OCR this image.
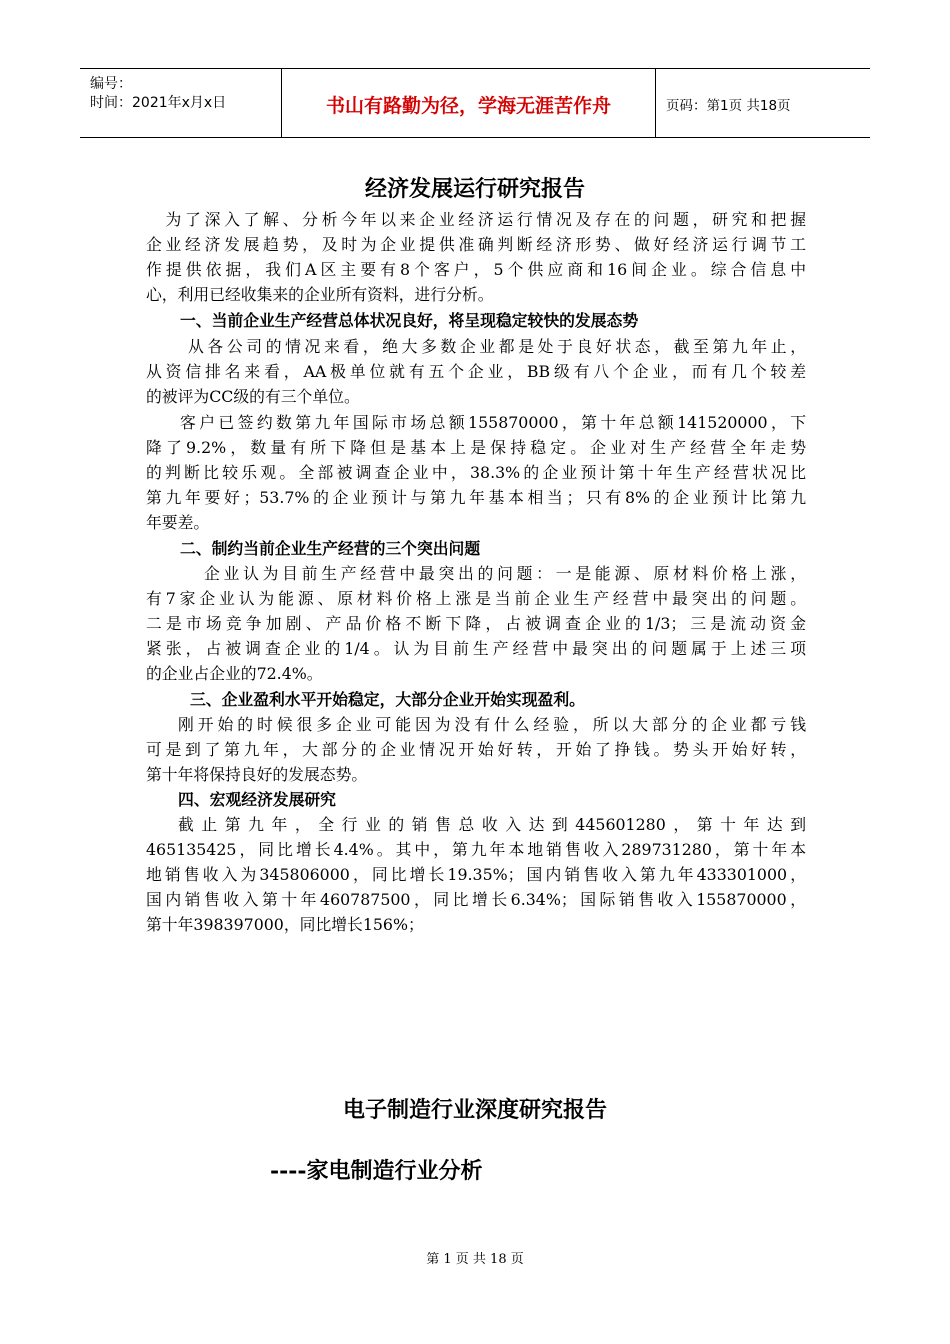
编号：
时间：2021年x月x日	书山有路勤为径，学海无涯苦作舟	页码：第1页 共18页
经济发展运行研究报告
　为了深入了解、分析今年以来企业经济运行情况及存在的问题，研究和把握
企业经济发展趋势，及时为企业提供准确判断经济形势、做好经济运行调节工
作提供依据，我们A区主要有8个客户，5个供应商和16间企业。综合信息中
心，利用已经收集来的企业所有资料，进行分析。
一、当前企业生产经营总体状况良好，将呈现稳定较快的发展态势
从各公司的情况来看，绝大多数企业都是处于良好状态，截至第九年止，
从资信排名来看，AA极单位就有五个企业，BB级有八个企业，而有几个较差
的被评为CC级的有三个单位。
客户已签约数第九年国际市场总额155870000，第十年总额141520000，下
降了9.2%，数量有所下降但是基本上是保持稳定。企业对生产经营全年走势
的判断比较乐观。全部被调查企业中，38.3%的企业预计第十年生产经营状况比
第九年要好；53.7%的企业预计与第九年基本相当；只有8%的企业预计比第九
年要差。
二、制约当前企业生产经营的三个突出问题
企业认为目前生产经营中最突出的问题：一是能源、原材料价格上涨，
有7家企业认为能源、原材料价格上涨是当前企业生产经营中最突出的问题。
二是市场竞争加剧、产品价格不断下降，占被调查企业的1/3；三是流动资金
紧张，占被调查企业的1/4。认为目前生产经营中最突出的问题属于上述三项
的企业占企业的72.4%。
三、企业盈利水平开始稳定，大部分企业开始实现盈利。
刚开始的时候很多企业可能因为没有什么经验，所以大部分的企业都亏钱
可是到了第九年，大部分的企业情况开始好转，开始了挣钱。势头开始好转，
第十年将保持良好的发展态势。
四、宏观经济发展研究
截止第九年，全行业的销售总收入达到445601280，第十年达到
465135425，同比增长4.4%。其中，第九年本地销售收入289731280，第十年本
地销售收入为345806000，同比增长19.35%；国内销售收入第九年433301000，
国内销售收入第十年460787500，同比增长6.34%；国际销售收入155870000，
第十年398397000，同比增长156%；
电子制造行业深度研究报告
----家电制造行业分析
第 1 页 共 18 页
